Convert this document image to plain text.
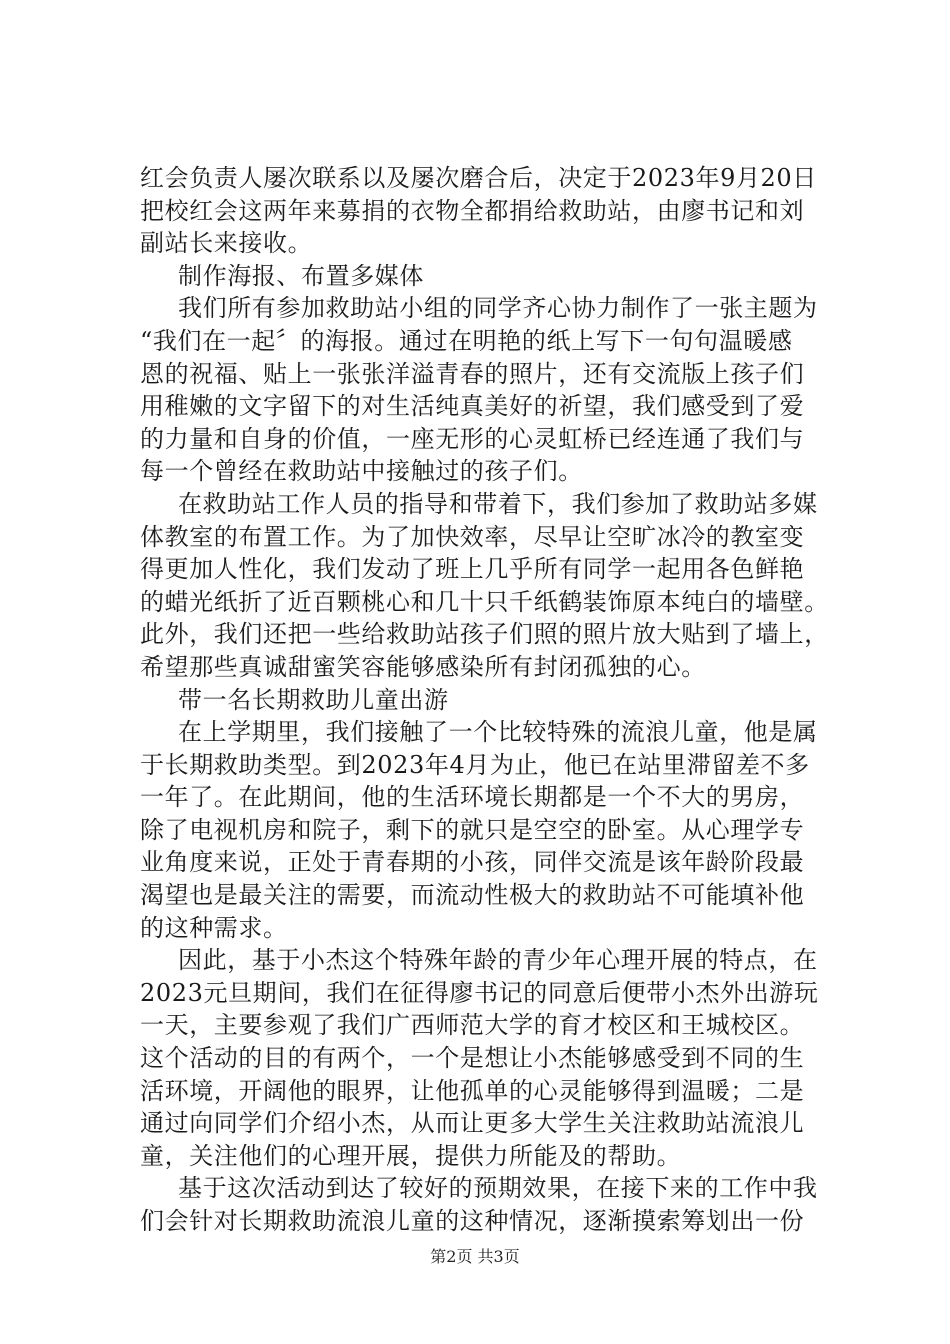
红会负责人屡次联系以及屡次磨合后，决定于2023年9月20日
把校红会这两年来募捐的衣物全都捐给救助站，由廖书记和刘
副站长来接收。
制作海报、布置多媒体
我们所有参加救助站小组的同学齐心协力制作了一张主题为
“我们在一起〞的海报。通过在明艳的纸上写下一句句温暖感
恩的祝福、贴上一张张洋溢青春的照片，还有交流版上孩子们
用稚嫩的文字留下的对生活纯真美好的祈望，我们感受到了爱
的力量和自身的价值，一座无形的心灵虹桥已经连通了我们与
每一个曾经在救助站中接触过的孩子们。
在救助站工作人员的指导和带着下，我们参加了救助站多媒
体教室的布置工作。为了加快效率，尽早让空旷冰冷的教室变
得更加人性化，我们发动了班上几乎所有同学一起用各色鲜艳
的蜡光纸折了近百颗桃心和几十只千纸鹤装饰原本纯白的墙壁。
此外，我们还把一些给救助站孩子们照的照片放大贴到了墙上，
希望那些真诚甜蜜笑容能够感染所有封闭孤独的心。
带一名长期救助儿童出游
在上学期里，我们接触了一个比较特殊的流浪儿童，他是属
于长期救助类型。到2023年4月为止，他已在站里滞留差不多
一年了。在此期间，他的生活环境长期都是一个不大的男房，
除了电视机房和院子，剩下的就只是空空的卧室。从心理学专
业角度来说，正处于青春期的小孩，同伴交流是该年龄阶段最
渴望也是最关注的需要，而流动性极大的救助站不可能填补他
的这种需求。
因此，基于小杰这个特殊年龄的青少年心理开展的特点，在
2023元旦期间，我们在征得廖书记的同意后便带小杰外出游玩
一天，主要参观了我们广西师范大学的育才校区和王城校区。
这个活动的目的有两个，一个是想让小杰能够感受到不同的生
活环境，开阔他的眼界，让他孤单的心灵能够得到温暖；二是
通过向同学们介绍小杰，从而让更多大学生关注救助站流浪儿
童，关注他们的心理开展，提供力所能及的帮助。
基于这次活动到达了较好的预期效果，在接下来的工作中我
们会针对长期救助流浪儿童的这种情况，逐渐摸索筹划出一份
第2页 共3页
